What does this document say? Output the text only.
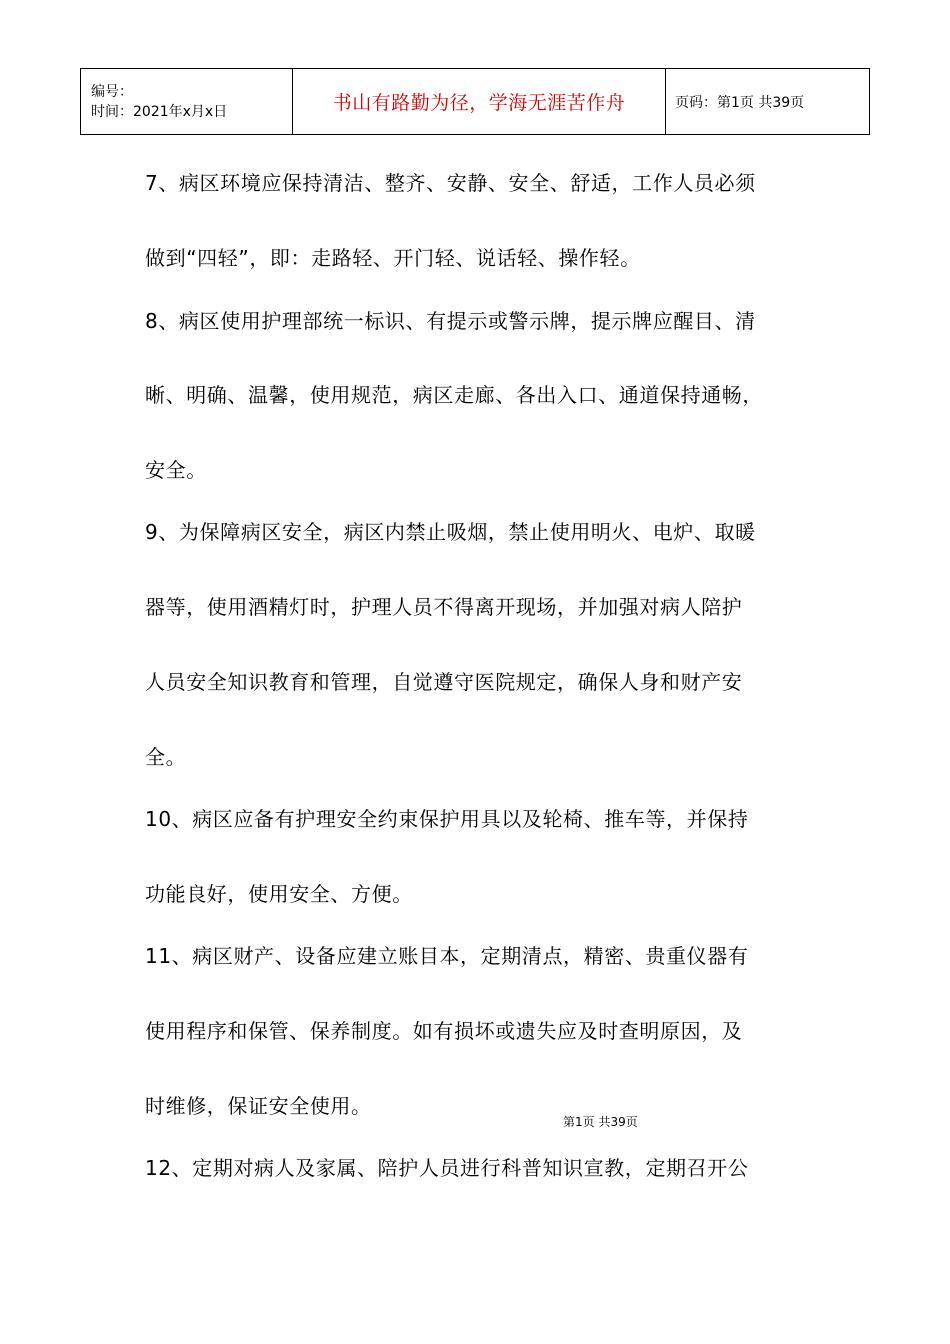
编号：
时间：2021年x月x日	书山有路勤为径，学海无涯苦作舟	页码：第1页 共39页
7、病区环境应保持清洁、整齐、安静、安全、舒适，工作人员必须
做到“四轻”，即：走路轻、开门轻、说话轻、操作轻。
8、病区使用护理部统一标识、有提示或警示牌，提示牌应醒目、清
晰、明确、温馨，使用规范，病区走廊、各出入口、通道保持通畅，
安全。
9、为保障病区安全，病区内禁止吸烟，禁止使用明火、电炉、取暖
器等，使用酒精灯时，护理人员不得离开现场，并加强对病人陪护
人员安全知识教育和管理，自觉遵守医院规定，确保人身和财产安
全。
10、病区应备有护理安全约束保护用具以及轮椅、推车等，并保持
功能良好，使用安全、方便。
11、病区财产、设备应建立账目本，定期清点，精密、贵重仪器有
使用程序和保管、保养制度。如有损坏或遗失应及时查明原因，及
时维修，保证安全使用。
第1页 共39页
12、定期对病人及家属、陪护人员进行科普知识宣教，定期召开公
